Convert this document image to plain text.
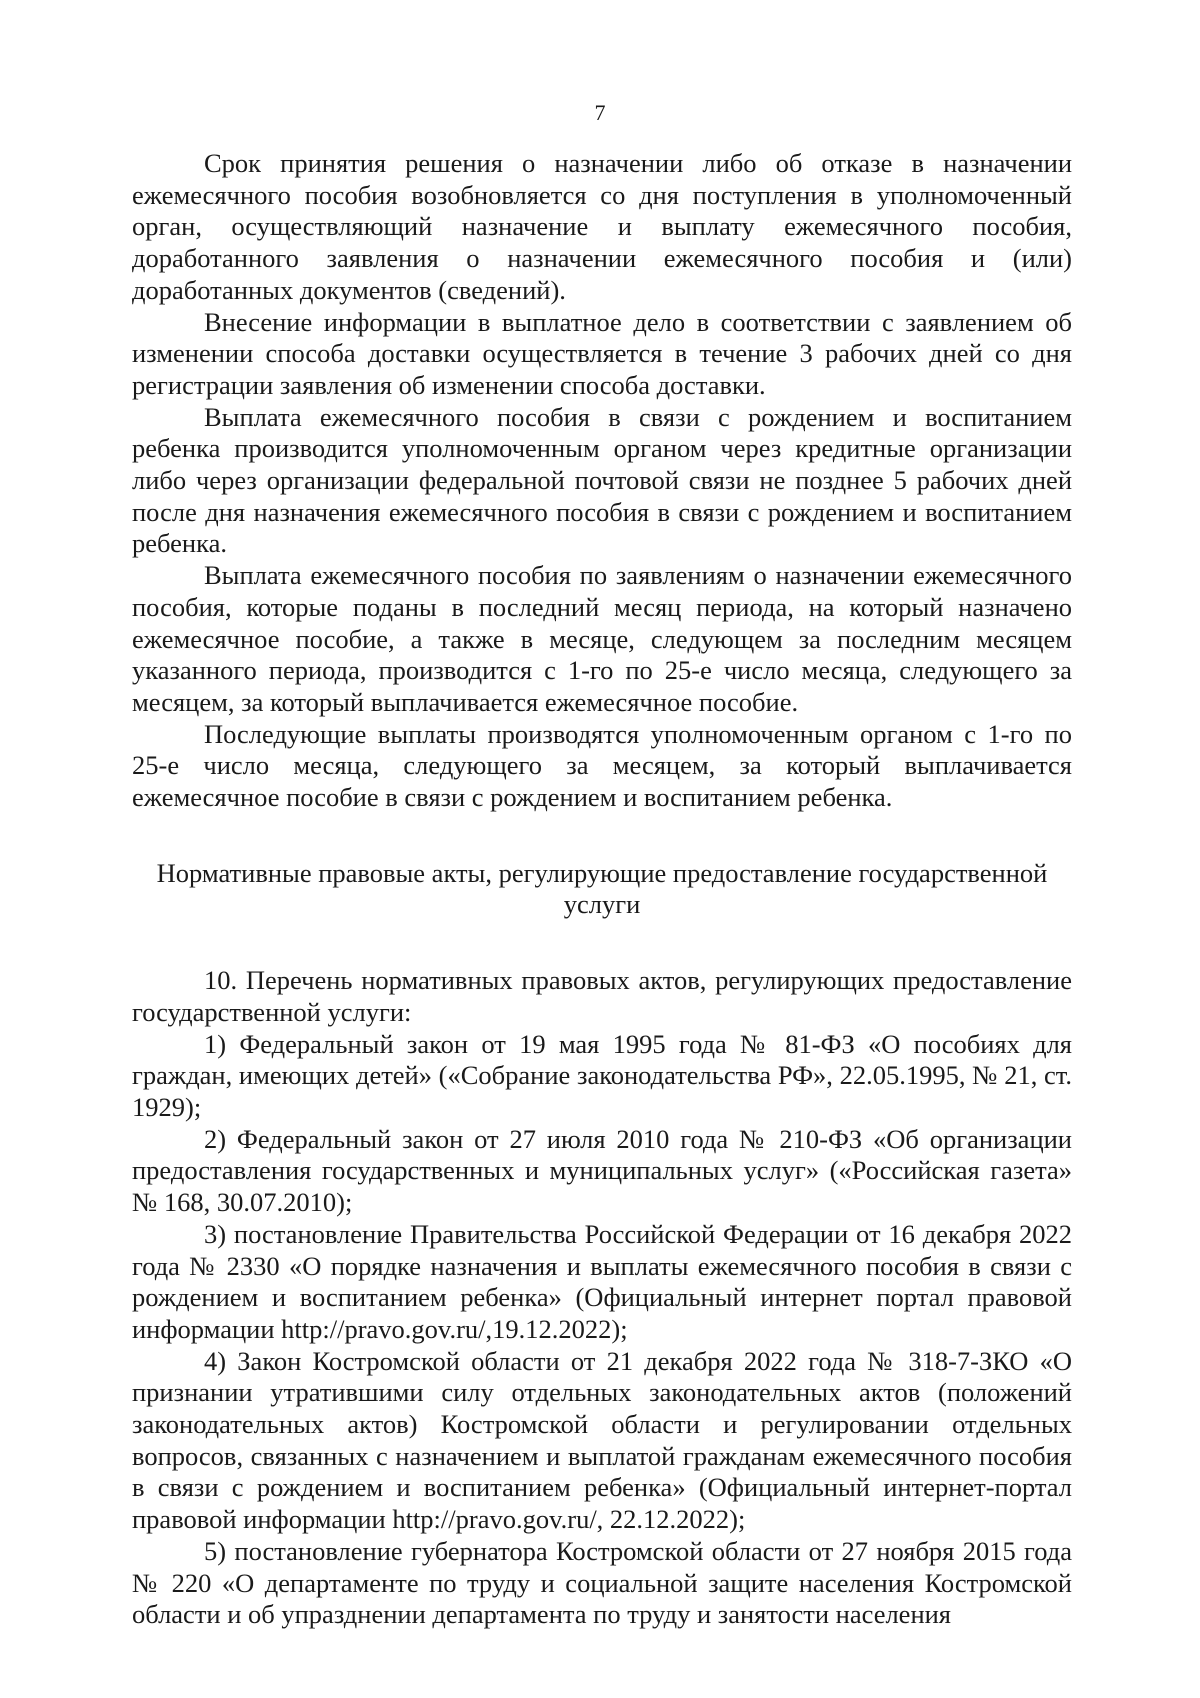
7

Срок принятия решения о назначении либо об отказе в назначении ежемесячного пособия возобновляется со дня поступления в уполномоченный орган, осуществляющий назначение и выплату ежемесячного пособия, доработанного заявления о назначении ежемесячного пособия и (или) доработанных документов (сведений).

Внесение информации в выплатное дело в соответствии с заявлением об изменении способа доставки осуществляется в течение 3 рабочих дней со дня регистрации заявления об изменении способа доставки.

Выплата ежемесячного пособия в связи с рождением и воспитанием ребенка производится уполномоченным органом через кредитные организации либо через организации федеральной почтовой связи не позднее 5 рабочих дней после дня назначения ежемесячного пособия в связи с рождением и воспитанием ребенка.

Выплата ежемесячного пособия по заявлениям о назначении ежемесячного пособия, которые поданы в последний месяц периода, на который назначено ежемесячное пособие, а также в месяце, следующем за последним месяцем указанного периода, производится с 1-го по 25-е число месяца, следующего за месяцем, за который выплачивается ежемесячное пособие.

Последующие выплаты производятся уполномоченным органом с 1-го по 25-е число месяца, следующего за месяцем, за который выплачивается ежемесячное пособие в связи с рождением и воспитанием ребенка.

Нормативные правовые акты, регулирующие предоставление государственной
услуги

10. Перечень нормативных правовых актов, регулирующих предоставление государственной услуги:

1) Федеральный закон от 19 мая 1995 года № 81-ФЗ «О пособиях для граждан, имеющих детей» («Собрание законодательства РФ», 22.05.1995, № 21, ст. 1929);

2) Федеральный закон от 27 июля 2010 года № 210-ФЗ «Об организации предоставления государственных и муниципальных услуг» («Российская газета» № 168, 30.07.2010);

3) постановление Правительства Российской Федерации от 16 декабря 2022 года № 2330 «О порядке назначения и выплаты ежемесячного пособия в связи с рождением и воспитанием ребенка» (Официальный интернет портал правовой информации http://pravo.gov.ru/,19.12.2022);

4) Закон Костромской области от 21 декабря 2022 года № 318-7-ЗКО «О признании утратившими силу отдельных законодательных актов (положений законодательных актов) Костромской области и регулировании отдельных вопросов, связанных с назначением и выплатой гражданам ежемесячного пособия в связи с рождением и воспитанием ребенка» (Официальный интернет-портал правовой информации http://pravo.gov.ru/, 22.12.2022);

5) постановление губернатора Костромской области от 27 ноября 2015 года № 220 «О департаменте по труду и социальной защите населения Костромской области и об упразднении департамента по труду и занятости населения
